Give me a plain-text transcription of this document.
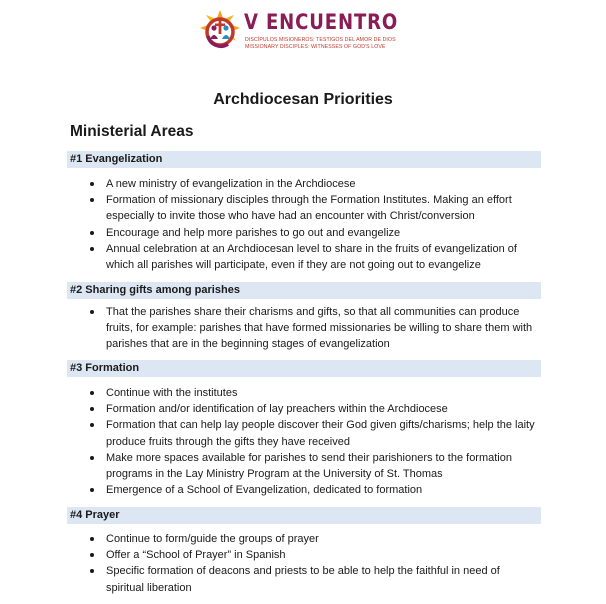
V ENCUENTRO
DISCÍPULOS MISIONEROS: TESTIGOS DEL AMOR DE DIOS
MISSIONARY DISCIPLES: WITNESSES OF GOD'S LOVE
Archdiocesan Priorities
Ministerial Areas
#1 Evangelization
A new ministry of evangelization in the Archdiocese
Formation of missionary disciples through the Formation Institutes. Making an effort especially to invite those who have had an encounter with Christ/conversion
Encourage and help more parishes to go out and evangelize
Annual celebration at an Archdiocesan level to share in the fruits of evangelization of which all parishes will participate, even if they are not going out to evangelize
#2 Sharing gifts among parishes
That the parishes share their charisms and gifts, so that all communities can produce fruits, for example: parishes that have formed missionaries be willing to share them with parishes that are in the beginning stages of evangelization
#3 Formation
Continue with the institutes
Formation and/or identification of lay preachers within the Archdiocese
Formation that can help lay people discover their God given gifts/charisms; help the laity produce fruits through the gifts they have received
Make more spaces available for parishes to send their parishioners to the formation programs in the Lay Ministry Program at the University of St. Thomas
Emergence of a School of Evangelization, dedicated to formation
#4 Prayer
Continue to form/guide the groups of prayer
Offer a “School of Prayer” in Spanish
Specific formation of deacons and priests to be able to help the faithful in need of spiritual liberation
